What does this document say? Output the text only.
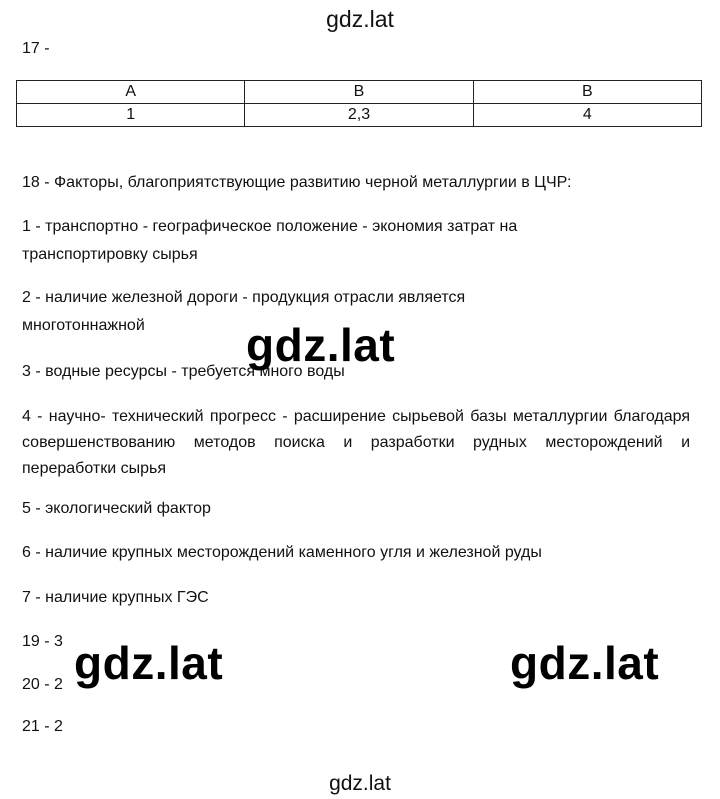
gdz.lat
17 -
А	В	В
1	2,3	4
18 - Факторы, благоприятствующие развитию черной металлургии в ЦЧР:
1 - транспортно - географическое положение - экономия затрат на
транспортировку сырья
2 - наличие железной дороги - продукция отрасли является
многотоннажной
3 - водные ресурсы - требуется много воды
4 - научно- технический прогресс - расширение сырьевой базы металлургии благодаря совершенствованию методов поиска и разработки рудных месторождений и переработки сырья
5 - экологический фактор
6 - наличие крупных месторождений каменного угля и железной руды
7 - наличие крупных ГЭС
19 - 3
20 - 2
21 - 2
gdz.lat
gdz.lat	gdz.lat
gdz.lat
